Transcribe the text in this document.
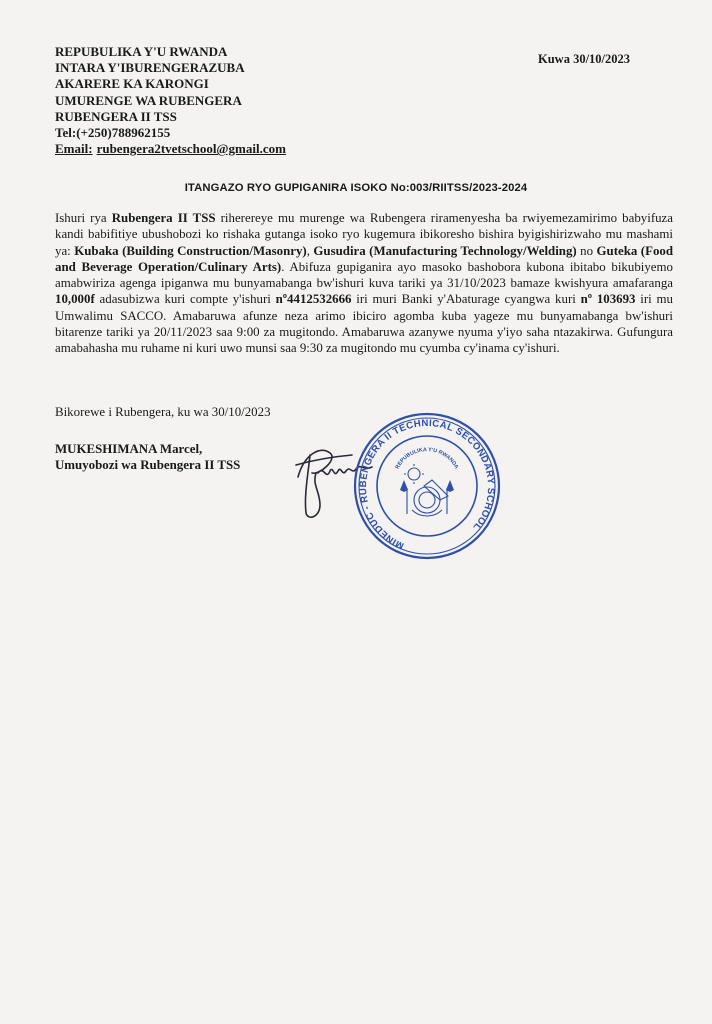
REPUBULIKA Y'U RWANDA
INTARA Y'IBURENGERAZUBA
AKARERE KA KARONGI
UMURENGE WA RUBENGERA
RUBENGERA II TSS
Tel:(+250)788962155
Email: rubengera2tvetschool@gmail.com
Kuwa 30/10/2023
ITANGAZO RYO GUPIGANIRA ISOKO No:003/RIITSS/2023-2024

Ishuri rya Rubengera II TSS riherereye mu murenge wa Rubengera riramenyesha ba rwiyemezamirimo babyifuza kandi babifitiye ubushobozi ko rishaka gutanga isoko ryo kugemura ibikoresho bishira byigishirizwaho mu mashami ya: Kubaka (Building Construction/Masonry), Gusudira (Manufacturing Technology/Welding) no Guteka (Food and Beverage Operation/Culinary Arts). Abifuza gupiganira ayo masoko bashobora kubona ibitabo bikubiyemo amabwiriza agenga ipiganwa mu bunyamabanga bw'ishuri kuva tariki ya 31/10/2023 bamaze kwishyura amafaranga 10,000f adasubizwa kuri compte y'ishuri nº4412532666 iri muri Banki y'Abaturage cyangwa kuri nº 103693 iri mu Umwalimu SACCO. Amabaruwa afunze neza arimo ibiciro agomba kuba yageze mu bunyamabanga bw'ishuri bitarenze tariki ya 20/11/2023 saa 9:00 za mugitondo. Amabaruwa azanywe nyuma y'iyo saha ntazakirwa. Gufungura amabahasha mu ruhame ni kuri uwo munsi saa 9:30 za mugitondo mu cyumba cy'inama cy'ishuri.

Bikorewe i Rubengera, ku wa 30/10/2023
MUKESHIMANA Marcel,
Umuyobozi wa Rubengera II TSS
MINEDUC - RUBENGERA II TECHNICAL SECONDARY SCHOOL
REPUBULIKA Y'U RWANDA
